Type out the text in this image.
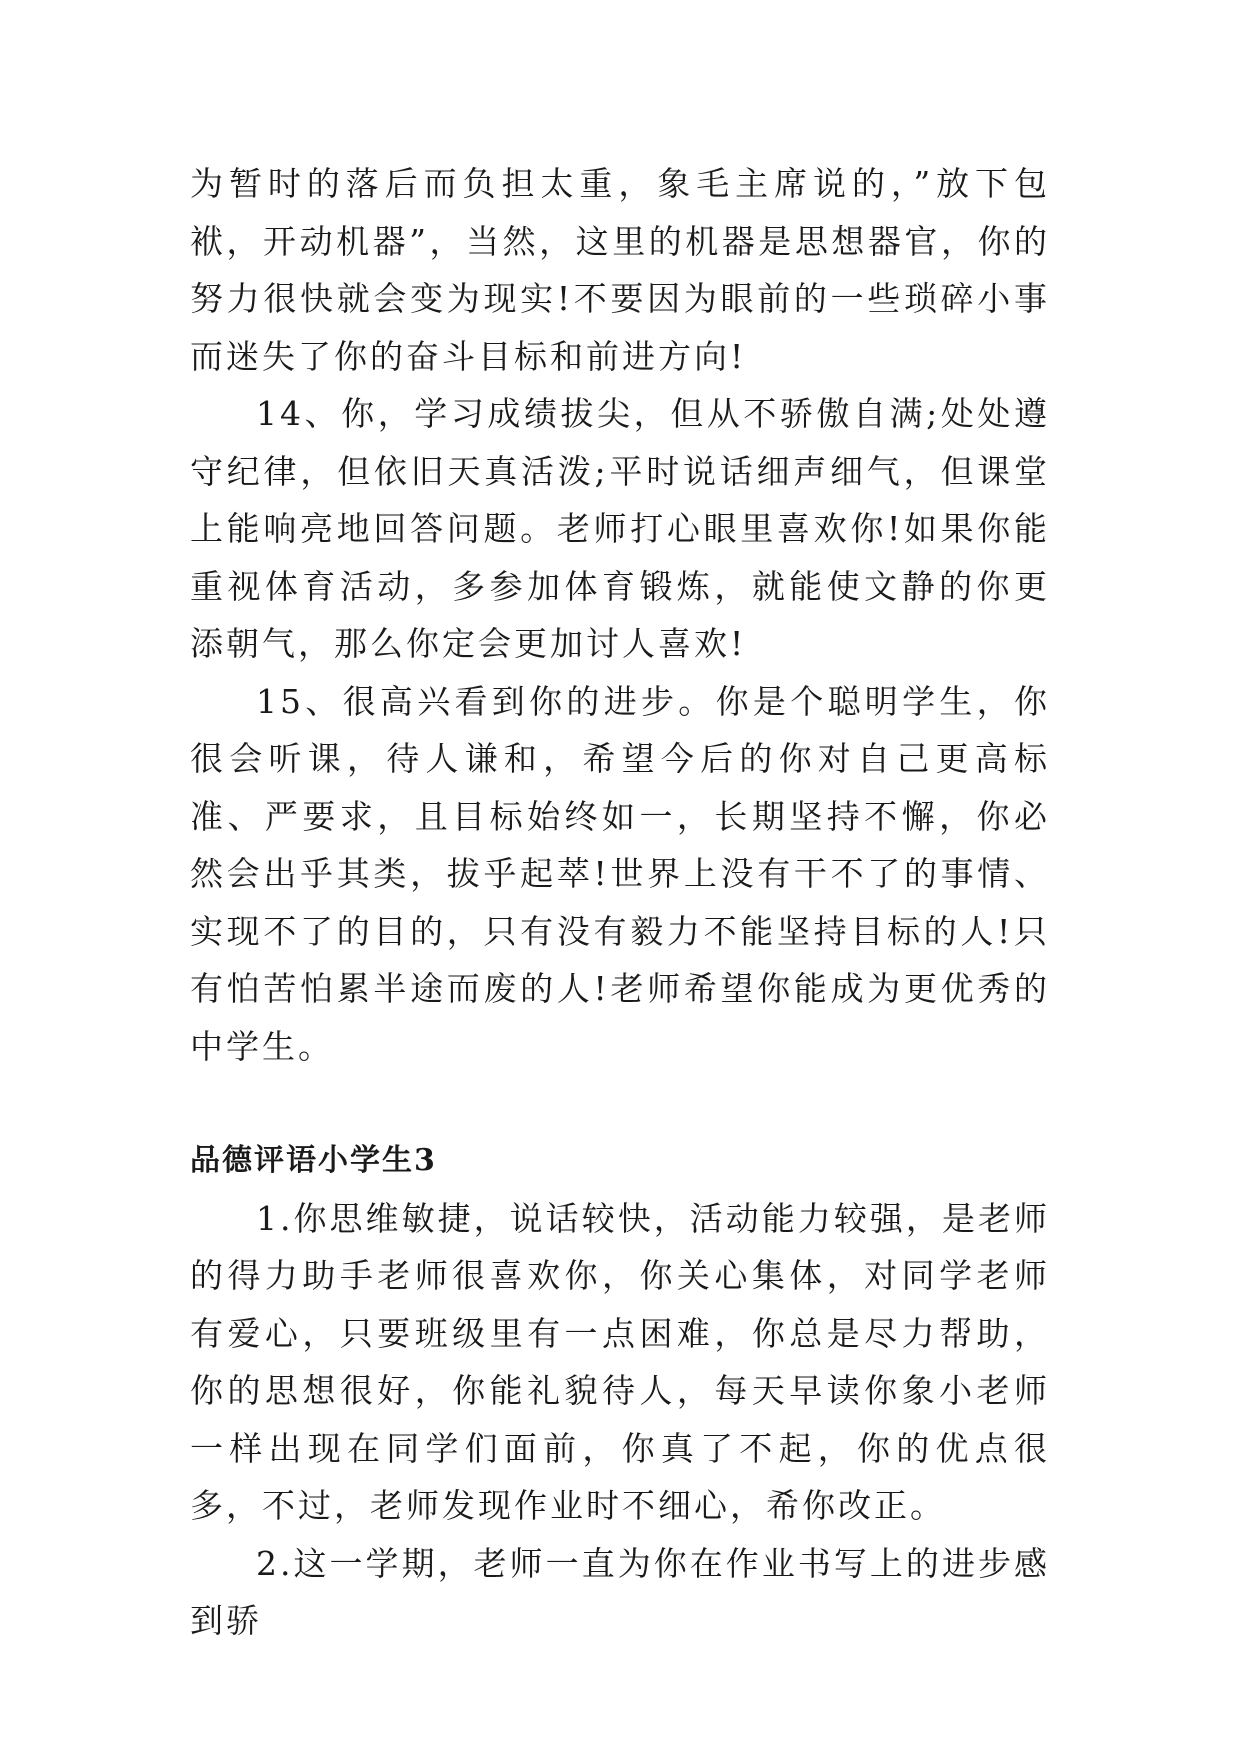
为暂时的落后而负担太重，象毛主席说的，”放下包袱，开动机器”，当然，这里的机器是思想器官，你的努力很快就会变为现实!不要因为眼前的一些琐碎小事而迷失了你的奋斗目标和前进方向!

14、你，学习成绩拔尖，但从不骄傲自满;处处遵守纪律，但依旧天真活泼;平时说话细声细气，但课堂上能响亮地回答问题。老师打心眼里喜欢你!如果你能重视体育活动，多参加体育锻炼，就能使文静的你更添朝气，那么你定会更加讨人喜欢!

15、很高兴看到你的进步。你是个聪明学生，你很会听课，待人谦和，希望今后的你对自己更高标准、严要求，且目标始终如一，长期坚持不懈，你必然会出乎其类，拔乎起萃!世界上没有干不了的事情、实现不了的目的，只有没有毅力不能坚持目标的人!只有怕苦怕累半途而废的人!老师希望你能成为更优秀的中学生。

品德评语小学生3

1.你思维敏捷，说话较快，活动能力较强，是老师的得力助手老师很喜欢你，你关心集体，对同学老师有爱心，只要班级里有一点困难，你总是尽力帮助，你的思想很好，你能礼貌待人，每天早读你象小老师一样出现在同学们面前，你真了不起，你的优点很多，不过，老师发现作业时不细心，希你改正。

2.这一学期，老师一直为你在作业书写上的进步感到骄
